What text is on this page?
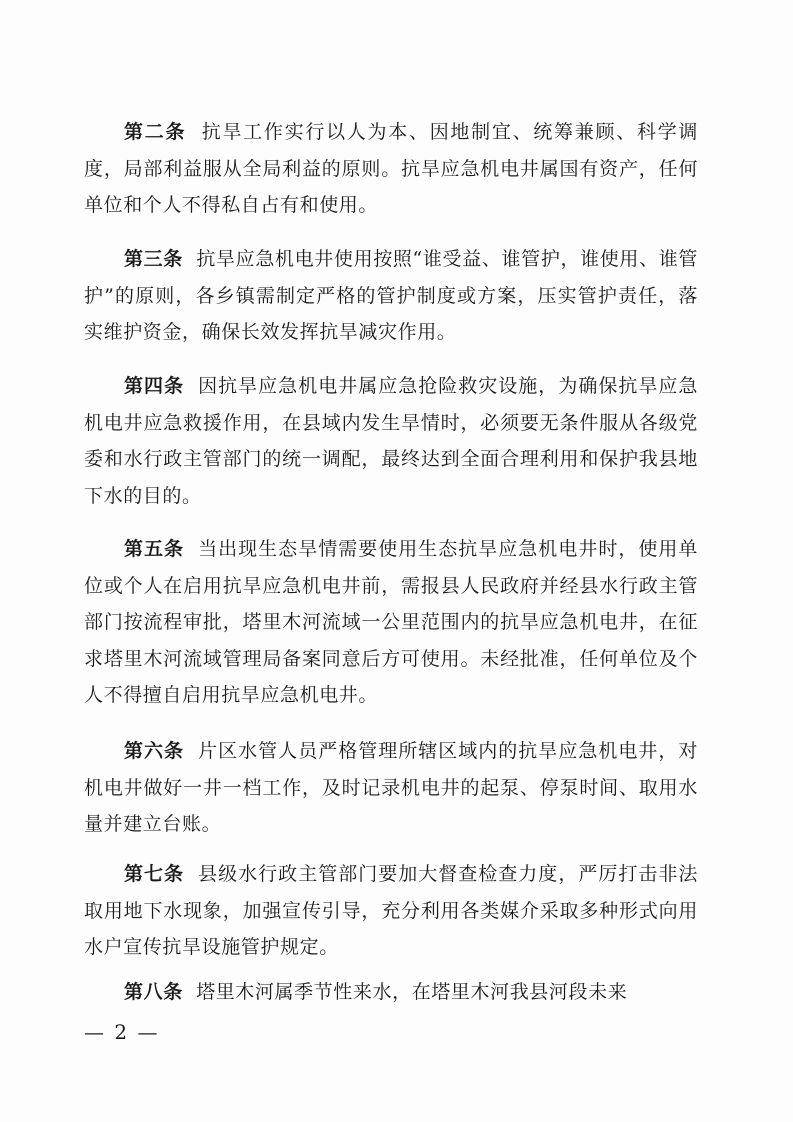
第二条 抗旱工作实行以人为本、因地制宜、统筹兼顾、科学调度，局部利益服从全局利益的原则。抗旱应急机电井属国有资产，任何单位和个人不得私自占有和使用。

第三条 抗旱应急机电井使用按照“谁受益、谁管护，谁使用、谁管护”的原则，各乡镇需制定严格的管护制度或方案，压实管护责任，落实维护资金，确保长效发挥抗旱减灾作用。

第四条 因抗旱应急机电井属应急抢险救灾设施，为确保抗旱应急机电井应急救援作用，在县域内发生旱情时，必须要无条件服从各级党委和水行政主管部门的统一调配，最终达到全面合理利用和保护我县地下水的目的。

第五条 当出现生态旱情需要使用生态抗旱应急机电井时，使用单位或个人在启用抗旱应急机电井前，需报县人民政府并经县水行政主管部门按流程审批，塔里木河流域一公里范围内的抗旱应急机电井，在征求塔里木河流域管理局备案同意后方可使用。未经批准，任何单位及个人不得擅自启用抗旱应急机电井。

第六条 片区水管人员严格管理所辖区域内的抗旱应急机电井，对机电井做好一井一档工作，及时记录机电井的起泵、停泵时间、取用水量并建立台账。

第七条 县级水行政主管部门要加大督查检查力度，严厉打击非法取用地下水现象，加强宣传引导，充分利用各类媒介采取多种形式向用水户宣传抗旱设施管护规定。

第八条 塔里木河属季节性来水，在塔里木河我县河段未来

— 2 —
